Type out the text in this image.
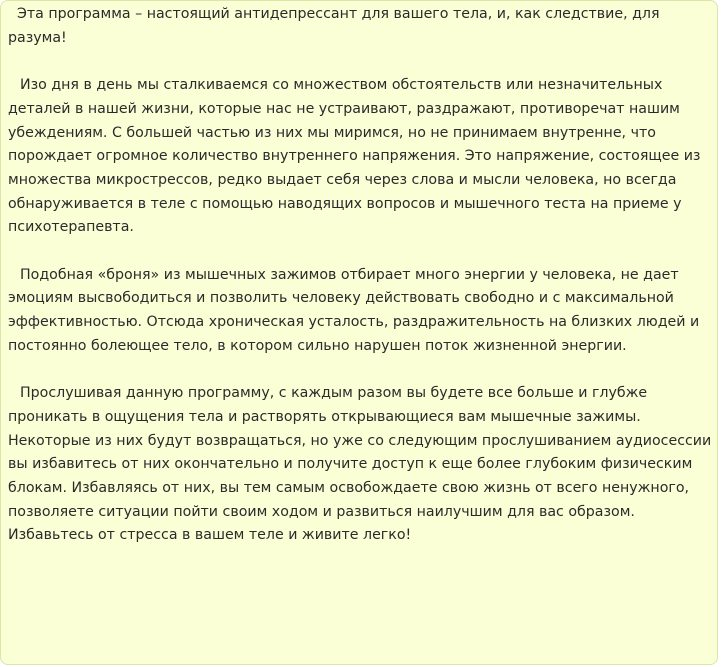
Эта программа – настоящий антидепрессант для вашего тела, и, как следствие, для разума!

Изо дня в день мы сталкиваемся со множеством обстоятельств или незначительных деталей в нашей жизни, которые нас не устраивают, раздражают, противоречат нашим убеждениям. С большей частью из них мы миримся, но не принимаем внутренне, что порождает огромное количество внутреннего напряжения. Это напряжение, состоящее из множества микрострессов, редко выдает себя через слова и мысли человека, но всегда обнаруживается в теле с помощью наводящих вопросов и мышечного теста на приеме у психотерапевта.

Подобная «броня» из мышечных зажимов отбирает много энергии у человека, не дает эмоциям высвободиться и позволить человеку действовать свободно и с максимальной эффективностью. Отсюда хроническая усталость, раздражительность на близких людей и постоянно болеющее тело, в котором сильно нарушен поток жизненной энергии.

Прослушивая данную программу, с каждым разом вы будете все больше и глубже проникать в ощущения тела и растворять открывающиеся вам мышечные зажимы. Некоторые из них будут возвращаться, но уже со следующим прослушиванием аудиосессии вы избавитесь от них окончательно и получите доступ к еще более глубоким физическим блокам. Избавляясь от них, вы тем самым освобождаете свою жизнь от всего ненужного, позволяете ситуации пойти своим ходом и развиться наилучшим для вас образом. Избавьтесь от стресса в вашем теле и живите легко!
